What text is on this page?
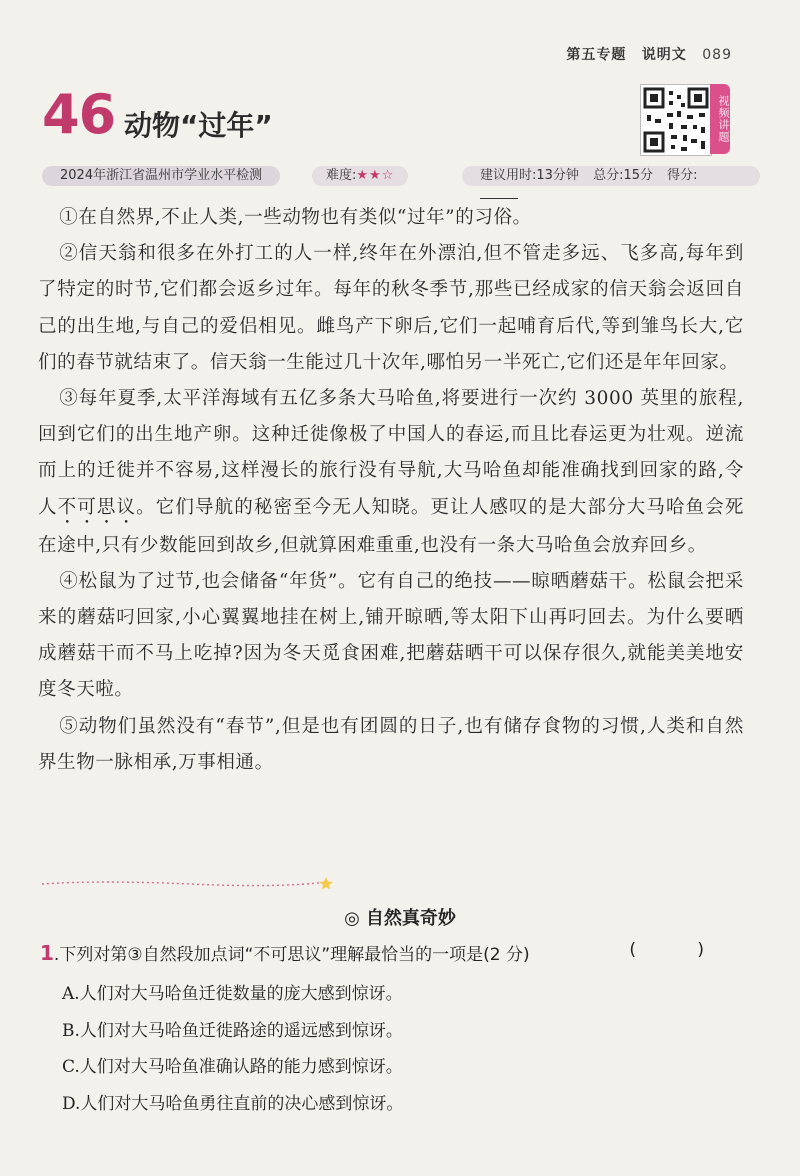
第五专题 说明文 089
46 动物“过年”	视频讲题
2024年浙江省温州市学业水平检测	难度:★★☆	建议用时:13分钟 总分:15分 得分:

①在自然界,不止人类,一些动物也有类似“过年”的习俗。

②信天翁和很多在外打工的人一样,终年在外漂泊,但不管走多远、飞多高,每年到了特定的时节,它们都会返乡过年。每年的秋冬季节,那些已经成家的信天翁会返回自己的出生地,与自己的爱侣相见。雌鸟产下卵后,它们一起哺育后代,等到雏鸟长大,它们的春节就结束了。信天翁一生能过几十次年,哪怕另一半死亡,它们还是年年回家。

③每年夏季,太平洋海域有五亿多条大马哈鱼,将要进行一次约 3000 英里的旅程,回到它们的出生地产卵。这种迁徙像极了中国人的春运,而且比春运更为壮观。逆流而上的迁徙并不容易,这样漫长的旅行没有导航,大马哈鱼却能准确找到回家的路,令人不可思议。它们导航的秘密至今无人知晓。更让人感叹的是大部分大马哈鱼会死在途中,只有少数能回到故乡,但就算困难重重,也没有一条大马哈鱼会放弃回乡。

④松鼠为了过节,也会储备“年货”。它有自己的绝技——晾晒蘑菇干。松鼠会把采来的蘑菇叼回家,小心翼翼地挂在树上,铺开晾晒,等太阳下山再叼回去。为什么要晒成蘑菇干而不马上吃掉?因为冬天觅食困难,把蘑菇晒干可以保存很久,就能美美地安度冬天啦。

⑤动物们虽然没有“春节”,但是也有团圆的日子,也有储存食物的习惯,人类和自然界生物一脉相承,万事相通。

◎ 自然真奇妙
1.下列对第③自然段加点词“不可思议”理解最恰当的一项是(2 分)	( )
A.人们对大马哈鱼迁徙数量的庞大感到惊讶。
B.人们对大马哈鱼迁徙路途的遥远感到惊讶。
C.人们对大马哈鱼准确认路的能力感到惊讶。
D.人们对大马哈鱼勇往直前的决心感到惊讶。
